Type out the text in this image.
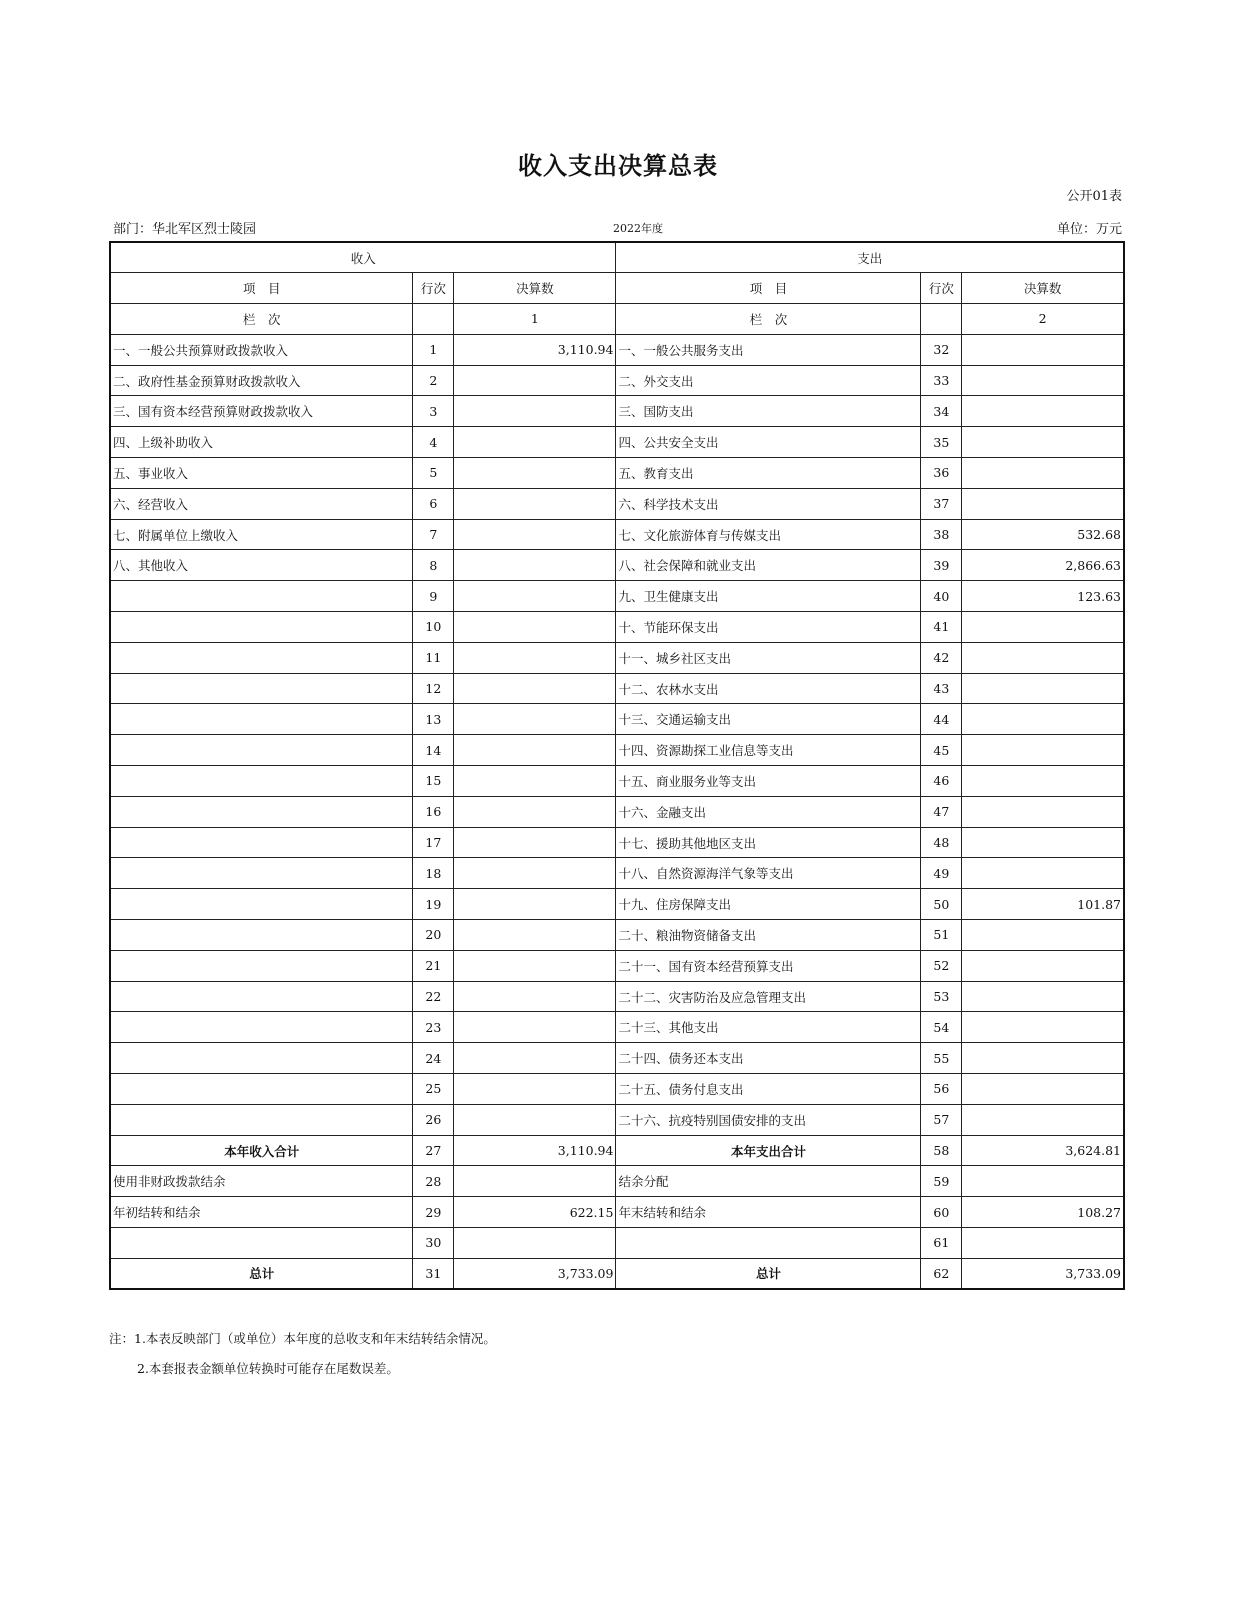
收入支出决算总表
公开01表
部门：华北军区烈士陵园	2022年度	单位：万元
收入			支出		
项　目	行次	决算数	项　目	行次	决算数
栏　次		1	栏　次		2
一、一般公共预算财政拨款收入	1	3,110.94	一、一般公共服务支出	32	
二、政府性基金预算财政拨款收入	2		二、外交支出	33	
三、国有资本经营预算财政拨款收入	3		三、国防支出	34	
四、上级补助收入	4		四、公共安全支出	35	
五、事业收入	5		五、教育支出	36	
六、经营收入	6		六、科学技术支出	37	
七、附属单位上缴收入	7		七、文化旅游体育与传媒支出	38	532.68
八、其他收入	8		八、社会保障和就业支出	39	2,866.63
	9		九、卫生健康支出	40	123.63
	10		十、节能环保支出	41	
	11		十一、城乡社区支出	42	
	12		十二、农林水支出	43	
	13		十三、交通运输支出	44	
	14		十四、资源勘探工业信息等支出	45	
	15		十五、商业服务业等支出	46	
	16		十六、金融支出	47	
	17		十七、援助其他地区支出	48	
	18		十八、自然资源海洋气象等支出	49	
	19		十九、住房保障支出	50	101.87
	20		二十、粮油物资储备支出	51	
	21		二十一、国有资本经营预算支出	52	
	22		二十二、灾害防治及应急管理支出	53	
	23		二十三、其他支出	54	
	24		二十四、债务还本支出	55	
	25		二十五、债务付息支出	56	
	26		二十六、抗疫特别国债安排的支出	57	
本年收入合计	27	3,110.94	本年支出合计	58	3,624.81
使用非财政拨款结余	28		结余分配	59	
年初结转和结余	29	622.15	年末结转和结余	60	108.27
	30			61	
总计	31	3,733.09	总计	62	3,733.09
注：1.本表反映部门（或单位）本年度的总收支和年末结转结余情况。
2.本套报表金额单位转换时可能存在尾数误差。
